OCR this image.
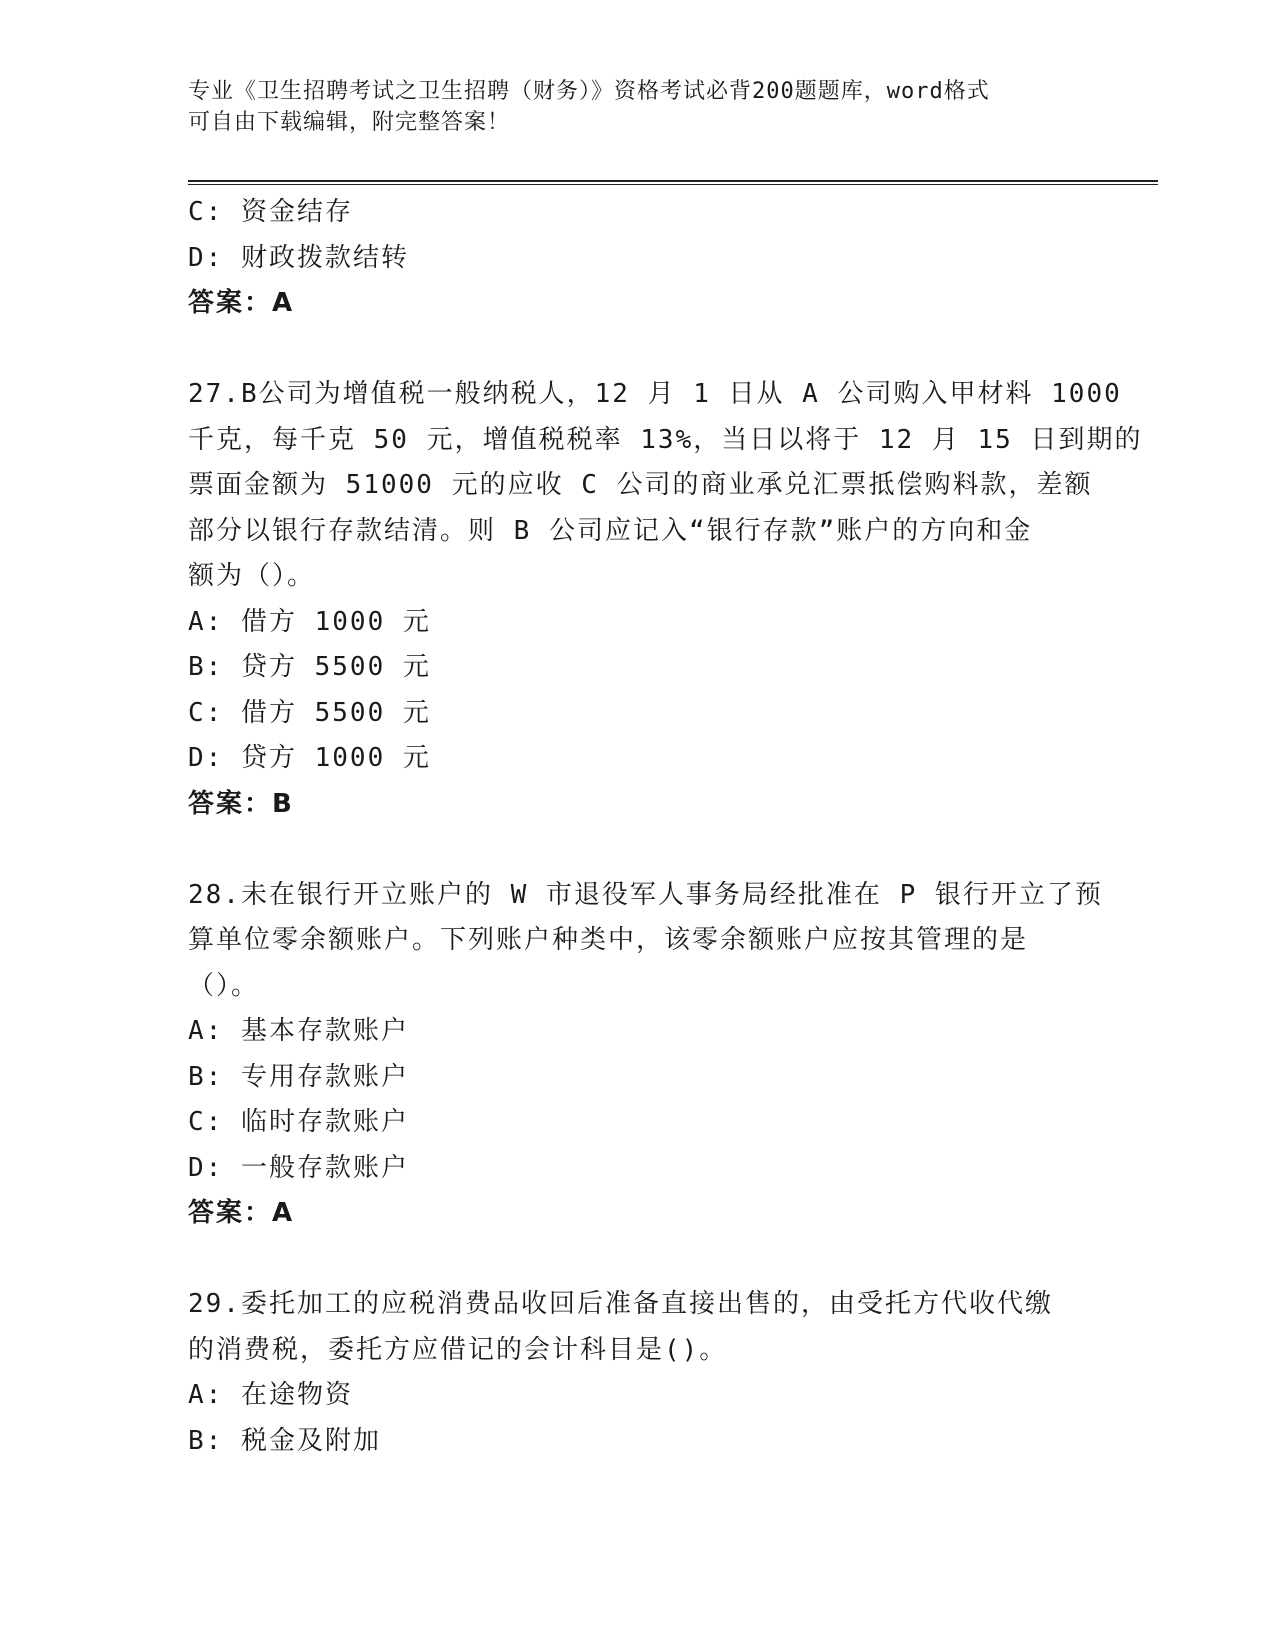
专业《卫生招聘考试之卫生招聘（财务）》资格考试必背200题题库，word格式
可自由下载编辑，附完整答案！
C: 资金结存
D: 财政拨款结转
答案：A
27.B公司为增值税一般纳税人，12 月 1 日从 A 公司购入甲材料 1000
千克，每千克 50 元，增值税税率 13%，当日以将于 12 月 15 日到期的
票面金额为 51000 元的应收 C 公司的商业承兑汇票抵偿购料款，差额
部分以银行存款结清。则 B 公司应记入“银行存款”账户的方向和金
额为（）。
A: 借方 1000 元
B: 贷方 5500 元
C: 借方 5500 元
D: 贷方 1000 元
答案：B
28.未在银行开立账户的 W 市退役军人事务局经批准在 P 银行开立了预
算单位零余额账户。下列账户种类中，该零余额账户应按其管理的是
（）。
A: 基本存款账户
B: 专用存款账户
C: 临时存款账户
D: 一般存款账户
答案：A
29.委托加工的应税消费品收回后准备直接出售的，由受托方代收代缴
的消费税，委托方应借记的会计科目是()。
A: 在途物资
B: 税金及附加
